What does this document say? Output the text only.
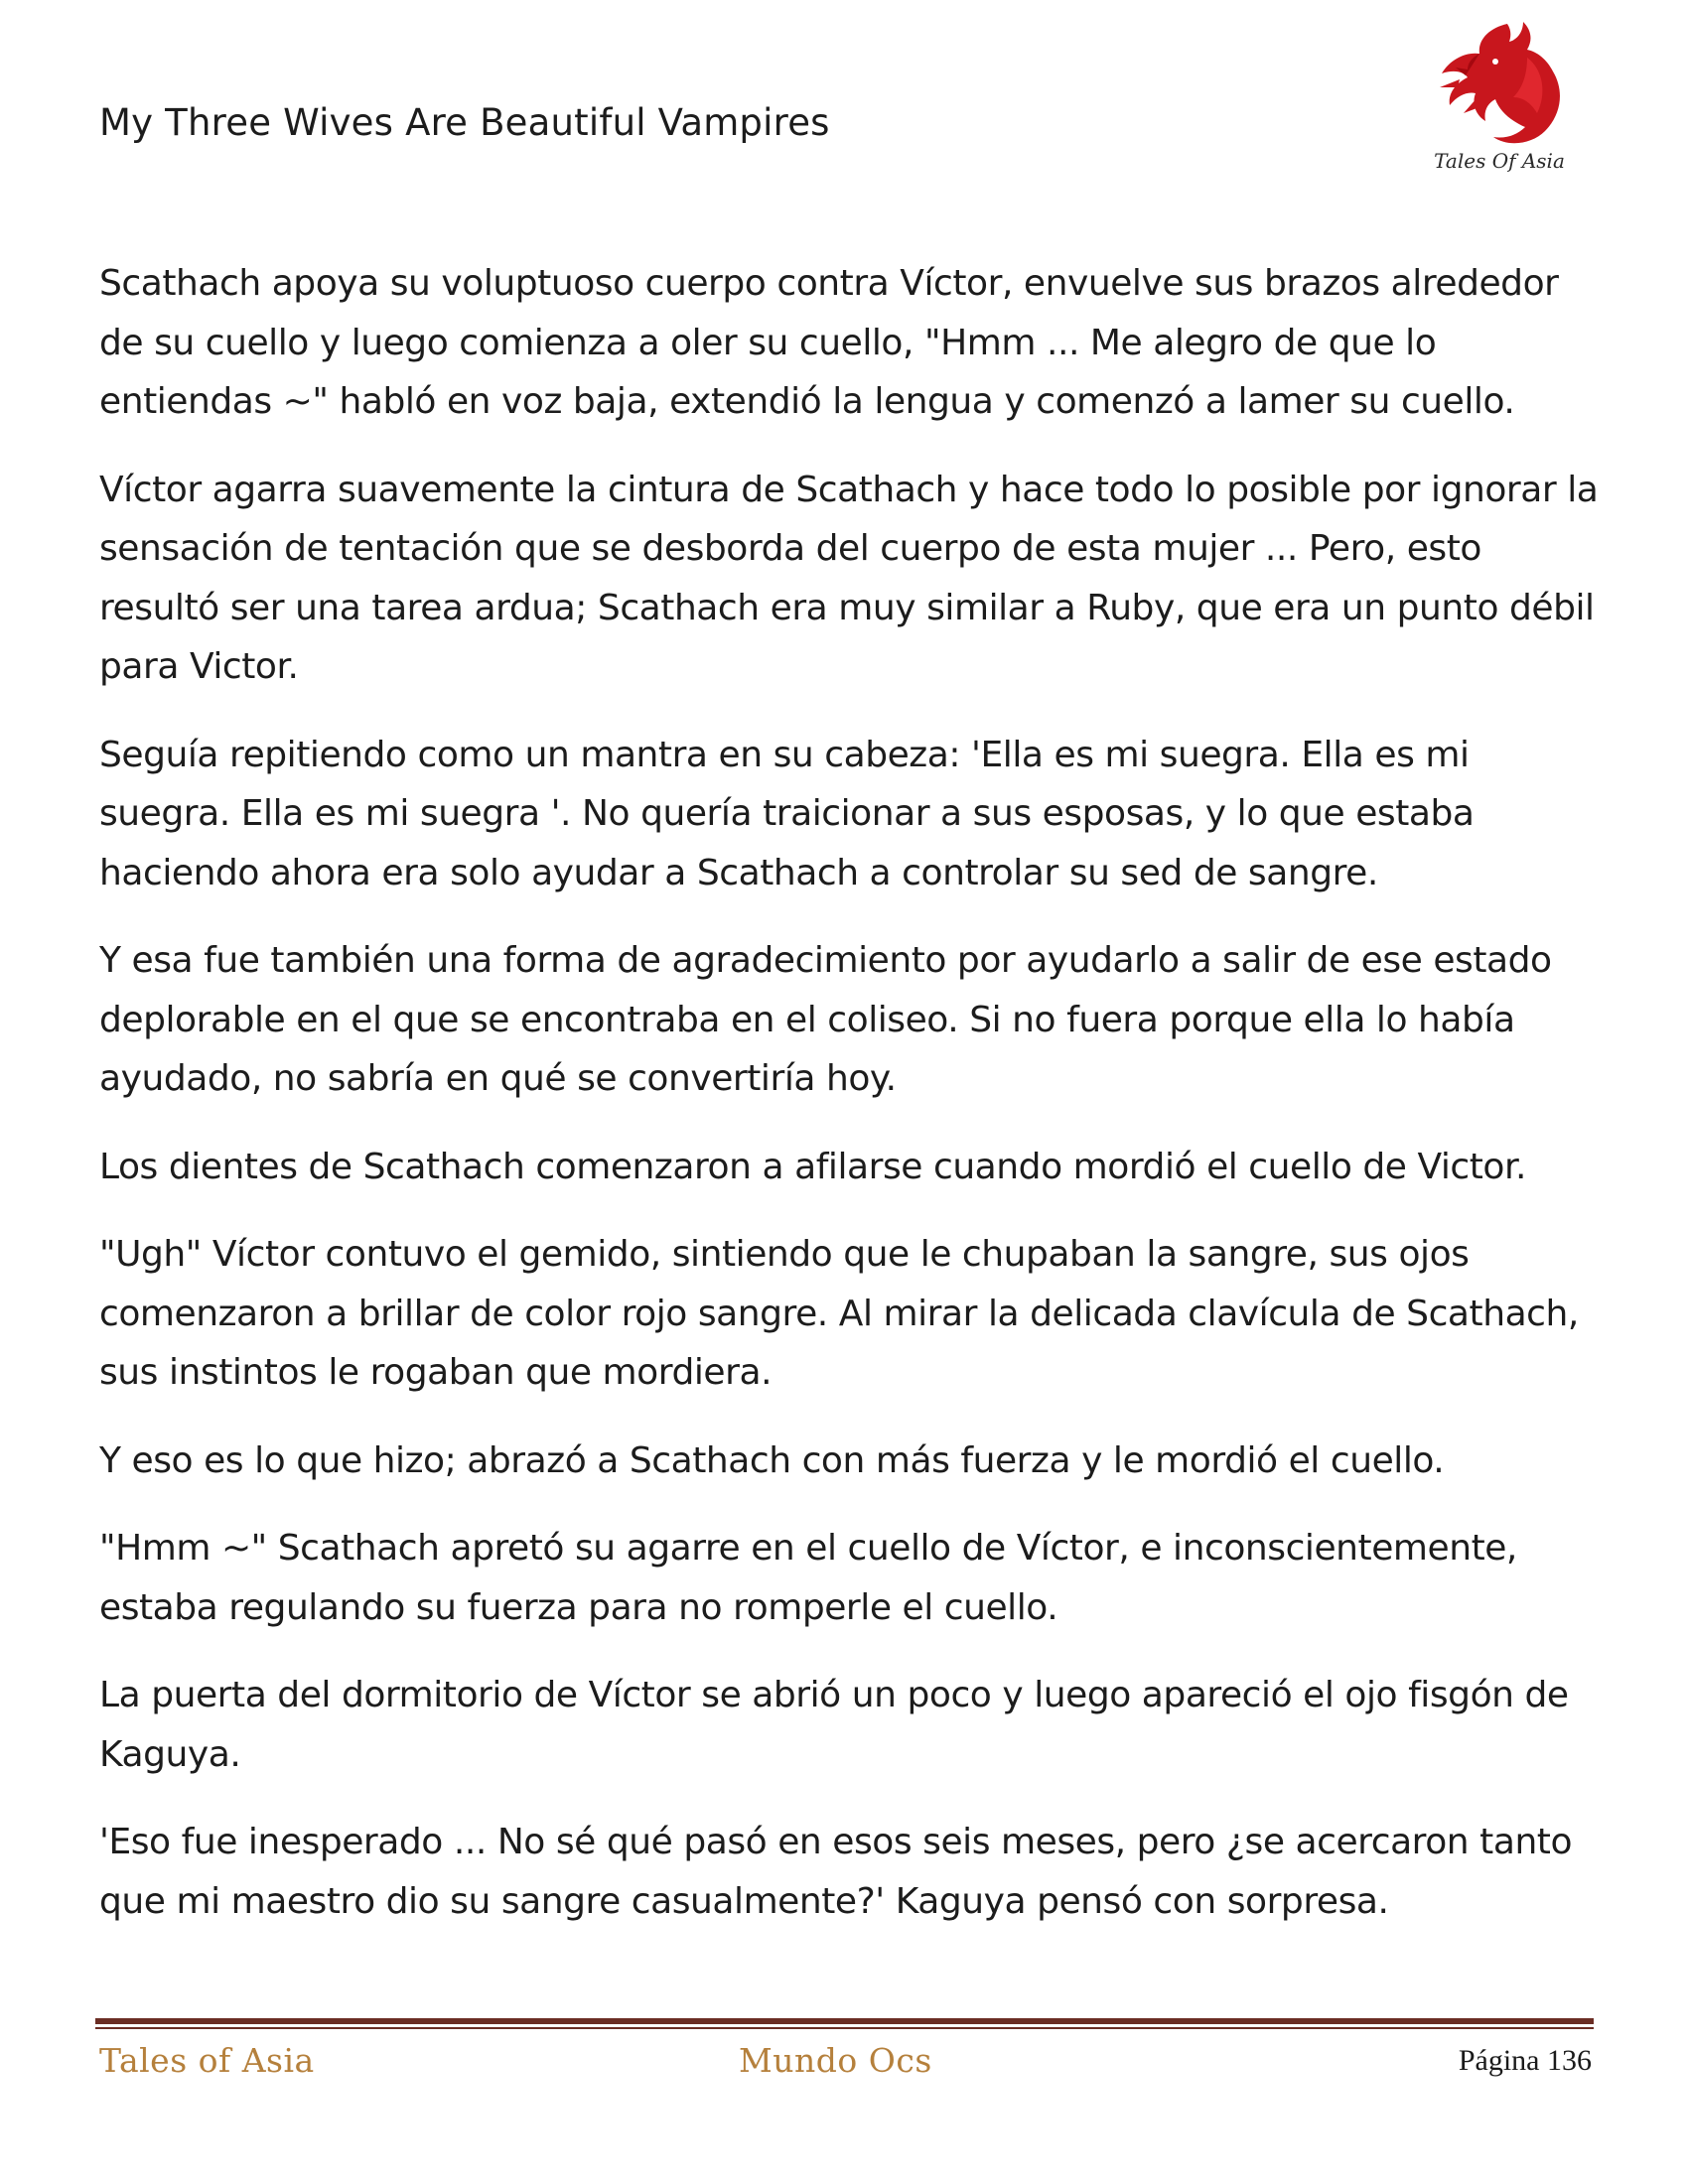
My Three Wives Are Beautiful Vampires
Tales Of Asia

Scathach apoya su voluptuoso cuerpo contra Víctor, envuelve sus brazos alrededor de su cuello y luego comienza a oler su cuello, "Hmm ... Me alegro de que lo entiendas ~" habló en voz baja, extendió la lengua y comenzó a lamer su cuello.

Víctor agarra suavemente la cintura de Scathach y hace todo lo posible por ignorar la sensación de tentación que se desborda del cuerpo de esta mujer ... Pero, esto resultó ser una tarea ardua; Scathach era muy similar a Ruby, que era un punto débil para Victor.

Seguía repitiendo como un mantra en su cabeza: 'Ella es mi suegra. Ella es mi suegra. Ella es mi suegra '. No quería traicionar a sus esposas, y lo que estaba haciendo ahora era solo ayudar a Scathach a controlar su sed de sangre.

Y esa fue también una forma de agradecimiento por ayudarlo a salir de ese estado deplorable en el que se encontraba en el coliseo. Si no fuera porque ella lo había ayudado, no sabría en qué se convertiría hoy.

Los dientes de Scathach comenzaron a afilarse cuando mordió el cuello de Victor.

"Ugh" Víctor contuvo el gemido, sintiendo que le chupaban la sangre, sus ojos comenzaron a brillar de color rojo sangre. Al mirar la delicada clavícula de Scathach, sus instintos le rogaban que mordiera.

Y eso es lo que hizo; abrazó a Scathach con más fuerza y le mordió el cuello.

"Hmm ~" Scathach apretó su agarre en el cuello de Víctor, e inconscientemente, estaba regulando su fuerza para no romperle el cuello.

La puerta del dormitorio de Víctor se abrió un poco y luego apareció el ojo fisgón de Kaguya.

'Eso fue inesperado ... No sé qué pasó en esos seis meses, pero ¿se acercaron tanto que mi maestro dio su sangre casualmente?' Kaguya pensó con sorpresa.

Tales of Asia	Mundo Ocs	Página 136
